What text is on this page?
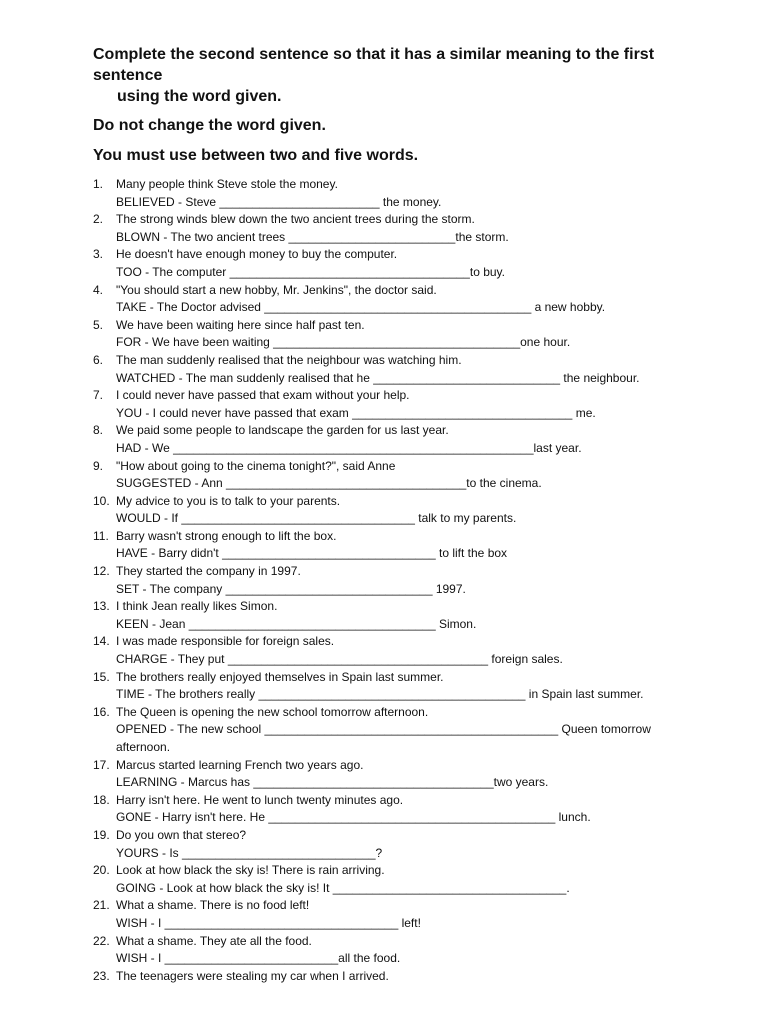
Complete the second sentence so that it has a similar meaning to the first sentence
using the word given.
Do not change the word given.
You must use between two and five words.
1.	Many people think Steve stole the money.
BELIEVED - Steve ________________________ the money.
2.	The strong winds blew down the two ancient trees during the storm.
BLOWN - The two ancient trees _________________________the storm.
3.	He doesn't have enough money to buy the computer.
TOO - The computer ____________________________________to buy.
4.	"You should start a new hobby, Mr. Jenkins", the doctor said.
TAKE - The Doctor advised ________________________________________ a new hobby.
5.	We have been waiting here since half past ten.
FOR - We have been waiting _____________________________________one hour.
6.	The man suddenly realised that the neighbour was watching him.
WATCHED - The man suddenly realised that he ____________________________ the neighbour.
7.	I could never have passed that exam without your help.
YOU - I could never have passed that exam _________________________________ me.
8.	We paid some people to landscape the garden for us last year.
HAD - We ______________________________________________________last year.
9.	"How about going to the cinema tonight?", said Anne
SUGGESTED - Ann ____________________________________to the cinema.
10. My advice to you is to talk to your parents.
WOULD - If ___________________________________ talk to my parents.
11. Barry wasn't strong enough to lift the box.
HAVE - Barry didn't ________________________________ to lift the box
12. They started the company in 1997.
SET - The company _______________________________ 1997.
13. I think Jean really likes Simon.
KEEN - Jean _____________________________________ Simon.
14. I was made responsible for foreign sales.
CHARGE - They put _______________________________________ foreign sales.
15. The brothers really enjoyed themselves in Spain last summer.
TIME - The brothers really ________________________________________ in Spain last summer.
16. The Queen is opening the new school tomorrow afternoon.
OPENED - The new school ____________________________________________ Queen tomorrow afternoon.
17. Marcus started learning French two years ago.
LEARNING - Marcus has ____________________________________two years.
18. Harry isn't here. He went to lunch twenty minutes ago.
GONE - Harry isn't here. He ___________________________________________ lunch.
19. Do you own that stereo?
YOURS - Is _____________________________?
20. Look at how black the sky is! There is rain arriving.
GOING - Look at how black the sky is! It ___________________________________.
21. What a shame. There is no food left!
WISH - I ___________________________________ left!
22. What a shame. They ate all the food.
WISH - I __________________________all the food.
23. The teenagers were stealing my car when I arrived.
